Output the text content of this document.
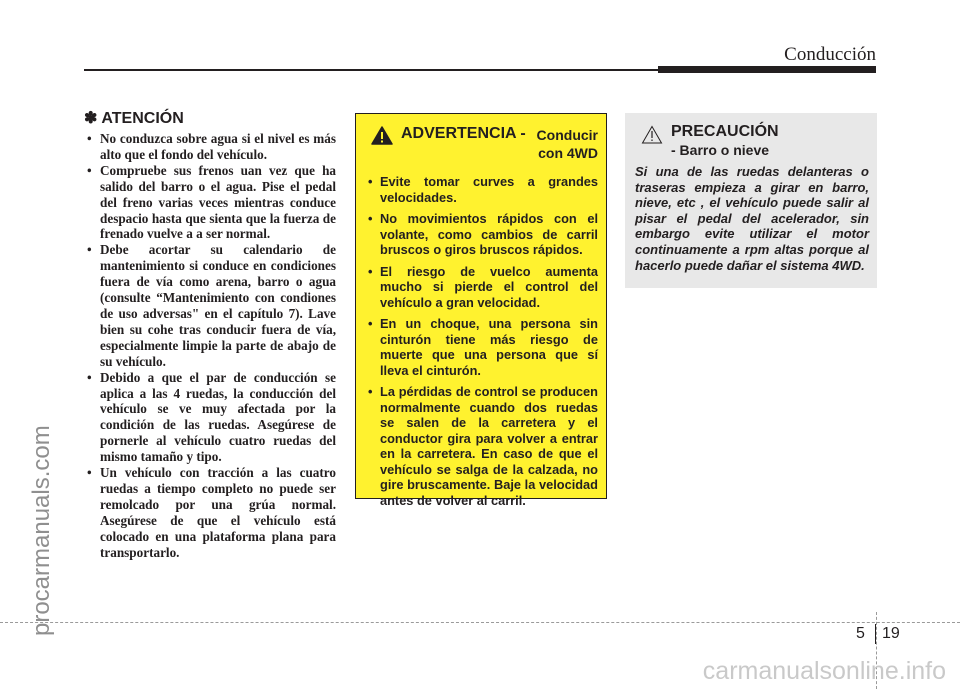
Conducción
✽ ATENCIÓN
• No conduzca sobre agua si el nivel es más alto que el fondo del vehículo.
• Compruebe sus frenos uan vez que ha salido del barro o el agua. Pise el pedal del freno varias veces mientras conduce despacio hasta que sienta que la fuerza de frenado vuelve a a ser normal.
• Debe acortar su calendario de mantenimiento si conduce en condiciones fuera de vía como arena, barro o agua (consulte “Mantenimiento con condiones de uso adversas" en el capítulo 7). Lave bien su cohe tras conducir fuera de vía, especialmente limpie la parte de abajo de su vehículo.
• Debido a que el par de conducción se aplica a las 4 ruedas, la conducción del vehículo se ve muy afectada por la condición de las ruedas. Asegúrese de pornerle al vehículo cuatro ruedas del mismo tamaño y tipo.
• Un vehículo con tracción a las cuatro ruedas a tiempo completo no puede ser remolcado por una grúa normal. Asegúrese de que el vehículo está colocado en una plataforma plana para transportarlo.
ADVERTENCIA - Conducir
con 4WD
• Evite tomar curves a grandes velocidades.
• No movimientos rápidos con el volante, como cambios de carril bruscos o giros bruscos rápidos.
• El riesgo de vuelco aumenta mucho si pierde el control del vehículo a gran velocidad.
• En un choque, una persona sin cinturón tiene más riesgo de muerte que una persona que sí lleva el cinturón.
• La pérdidas de control se producen normalmente cuando dos ruedas se salen de la carretera y el conductor gira para volver a entrar en la carretera. En caso de que el vehículo se salga de la calzada, no gire bruscamente. Baje la velocidad antes de volver al carril.
PRECAUCIÓN
- Barro o nieve

Si una de las ruedas delanteras o traseras empieza a girar en barro, nieve, etc , el vehículo puede salir al pisar el pedal del acelerador, sin embargo evite utilizar el motor continuamente a rpm altas porque al hacerlo puede dañar el sistema 4WD.

5 19
procarmanuals.com
carmanualsonline.info
